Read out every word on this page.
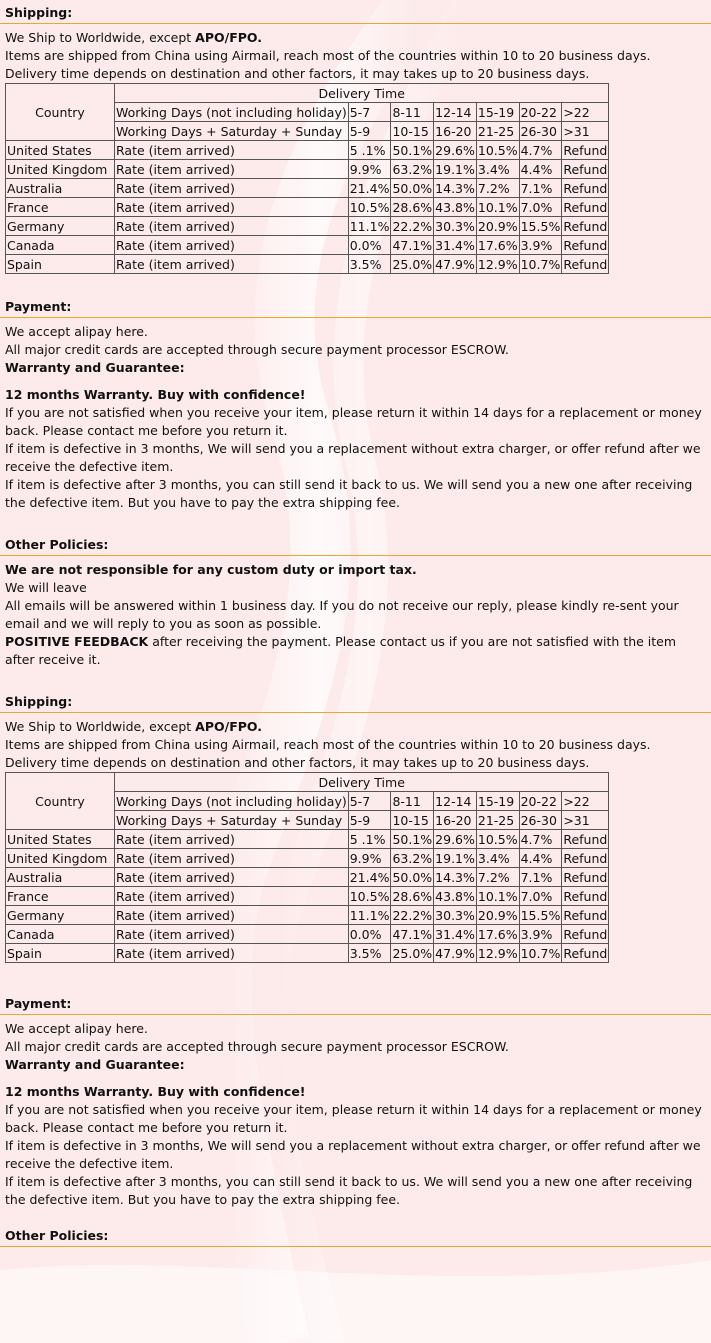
Shipping:

We Ship to Worldwide, except APO/FPO.

Items are shipped from China using Airmail, reach most of the countries within 10 to 20 business days.

Delivery time depends on destination and other factors, it may takes up to 20 business days.

Country	Delivery Time						
	Working Days (not including holiday)	5-7	8-11	12-14	15-19	20-22	>22
	Working Days + Saturday + Sunday	5-9	10-15	16-20	21-25	26-30	>31
United States	Rate (item arrived)	5 .1%	50.1%	29.6%	10.5%	4.7%	Refund
United Kingdom	Rate (item arrived)	9.9%	63.2%	19.1%	3.4%	4.4%	Refund
Australia	Rate (item arrived)	21.4%	50.0%	14.3%	7.2%	7.1%	Refund
France	Rate (item arrived)	10.5%	28.6%	43.8%	10.1%	7.0%	Refund
Germany	Rate (item arrived)	11.1%	22.2%	30.3%	20.9%	15.5%	Refund
Canada	Rate (item arrived)	0.0%	47.1%	31.4%	17.6%	3.9%	Refund
Spain	Rate (item arrived)	3.5%	25.0%	47.9%	12.9%	10.7%	Refund
Payment:

We accept alipay here.

All major credit cards are accepted through secure payment processor ESCROW.

Warranty and Guarantee:

12 months Warranty. Buy with confidence!

If you are not satisfied when you receive your item, please return it within 14 days for a replacement or money back. Please contact me before you return it.

If item is defective in 3 months, We will send you a replacement without extra charger, or offer refund after we receive the defective item.

If item is defective after 3 months, you can still send it back to us. We will send you a new one after receiving the defective item. But you have to pay the extra shipping fee.

Other Policies:

We are not responsible for any custom duty or import tax.

We will leave

All emails will be answered within 1 business day. If you do not receive our reply, please kindly re-sent your email and we will reply to you as soon as possible.

POSITIVE FEEDBACK after receiving the payment. Please contact us if you are not satisfied with the item after receive it.

Shipping:

We Ship to Worldwide, except APO/FPO.

Items are shipped from China using Airmail, reach most of the countries within 10 to 20 business days.

Delivery time depends on destination and other factors, it may takes up to 20 business days.

Country	Delivery Time						
	Working Days (not including holiday)	5-7	8-11	12-14	15-19	20-22	>22
	Working Days + Saturday + Sunday	5-9	10-15	16-20	21-25	26-30	>31
United States	Rate (item arrived)	5 .1%	50.1%	29.6%	10.5%	4.7%	Refund
United Kingdom	Rate (item arrived)	9.9%	63.2%	19.1%	3.4%	4.4%	Refund
Australia	Rate (item arrived)	21.4%	50.0%	14.3%	7.2%	7.1%	Refund
France	Rate (item arrived)	10.5%	28.6%	43.8%	10.1%	7.0%	Refund
Germany	Rate (item arrived)	11.1%	22.2%	30.3%	20.9%	15.5%	Refund
Canada	Rate (item arrived)	0.0%	47.1%	31.4%	17.6%	3.9%	Refund
Spain	Rate (item arrived)	3.5%	25.0%	47.9%	12.9%	10.7%	Refund
Payment:

We accept alipay here.

All major credit cards are accepted through secure payment processor ESCROW.

Warranty and Guarantee:

12 months Warranty. Buy with confidence!

If you are not satisfied when you receive your item, please return it within 14 days for a replacement or money back. Please contact me before you return it.

If item is defective in 3 months, We will send you a replacement without extra charger, or offer refund after we receive the defective item.

If item is defective after 3 months, you can still send it back to us. We will send you a new one after receiving the defective item. But you have to pay the extra shipping fee.

Other Policies:
